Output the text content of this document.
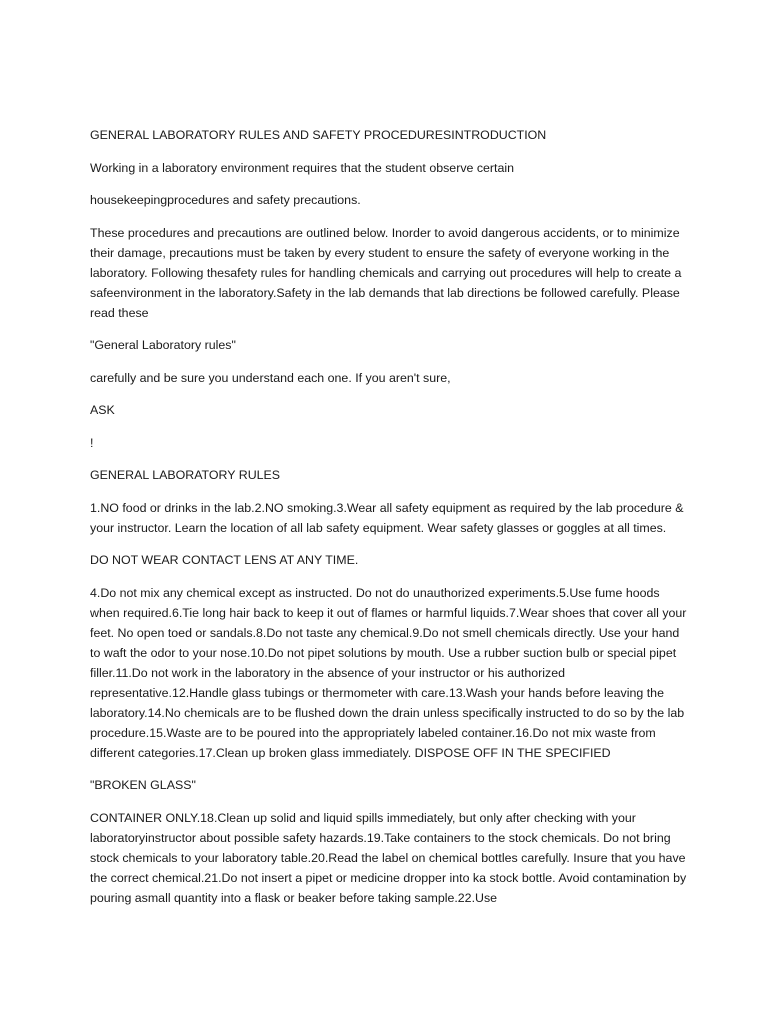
GENERAL LABORATORY RULES AND SAFETY PROCEDURESINTRODUCTION

Working in a laboratory environment requires that the student observe certain

housekeepingprocedures and safety precautions.

These procedures and precautions are outlined below. Inorder to avoid dangerous accidents, or to minimize their damage, precautions must be taken by every student to ensure the safety of everyone working in the laboratory. Following thesafety rules for handling chemicals and carrying out procedures will help to create a safeenvironment in the laboratory.Safety in the lab demands that lab directions be followed carefully. Please read these

"General Laboratory rules"

carefully and be sure you understand each one. If you aren't sure,

ASK

!

GENERAL LABORATORY RULES

1.NO food or drinks in the lab.2.NO smoking.3.Wear all safety equipment as required by the lab procedure & your instructor. Learn the location of all lab safety equipment. Wear safety glasses or goggles at all times.

DO NOT WEAR CONTACT LENS AT ANY TIME.

4.Do not mix any chemical except as instructed. Do not do unauthorized experiments.5.Use fume hoods when required.6.Tie long hair back to keep it out of flames or harmful liquids.7.Wear shoes that cover all your feet. No open toed or sandals.8.Do not taste any chemical.9.Do not smell chemicals directly. Use your hand to waft the odor to your nose.10.Do not pipet solutions by mouth. Use a rubber suction bulb or special pipet filler.11.Do not work in the laboratory in the absence of your instructor or his authorized representative.12.Handle glass tubings or thermometer with care.13.Wash your hands before leaving the laboratory.14.No chemicals are to be flushed down the drain unless specifically instructed to do so by the lab procedure.15.Waste are to be poured into the appropriately labeled container.16.Do not mix waste from different categories.17.Clean up broken glass immediately. DISPOSE OFF IN THE SPECIFIED

"BROKEN GLASS"

CONTAINER ONLY.18.Clean up solid and liquid spills immediately, but only after checking with your laboratoryinstructor about possible safety hazards.19.Take containers to the stock chemicals. Do not bring stock chemicals to your laboratory table.20.Read the label on chemical bottles carefully. Insure that you have the correct chemical.21.Do not insert a pipet or medicine dropper into ka stock bottle. Avoid contamination by pouring asmall quantity into a flask or beaker before taking sample.22.Use
